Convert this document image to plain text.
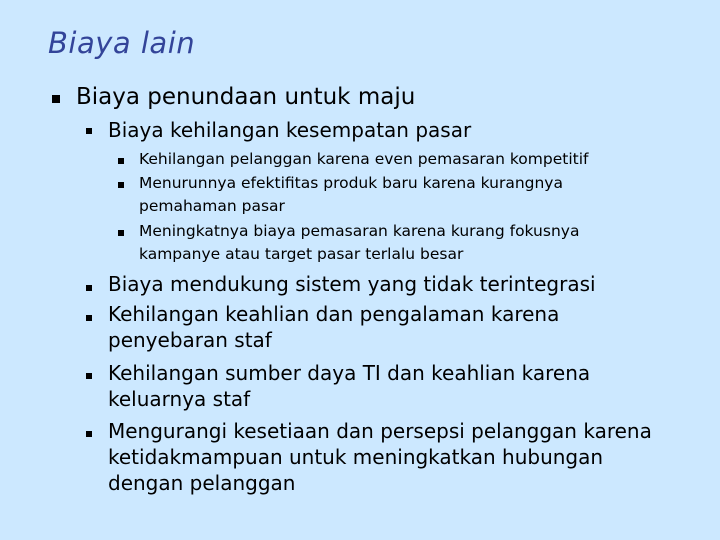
Biaya lain
Biaya penundaan untuk maju
Biaya kehilangan kesempatan pasar
Kehilangan pelanggan karena even pemasaran kompetitif
Menurunnya efektifitas produk baru karena kurangnya
pemahaman pasar
Meningkatnya biaya pemasaran karena kurang fokusnya
kampanye atau target pasar terlalu besar
Biaya mendukung sistem yang tidak terintegrasi
Kehilangan keahlian dan pengalaman karena
penyebaran staf
Kehilangan sumber daya TI dan keahlian karena
keluarnya staf
Mengurangi kesetiaan dan persepsi pelanggan karena
ketidakmampuan untuk meningkatkan hubungan
dengan pelanggan
